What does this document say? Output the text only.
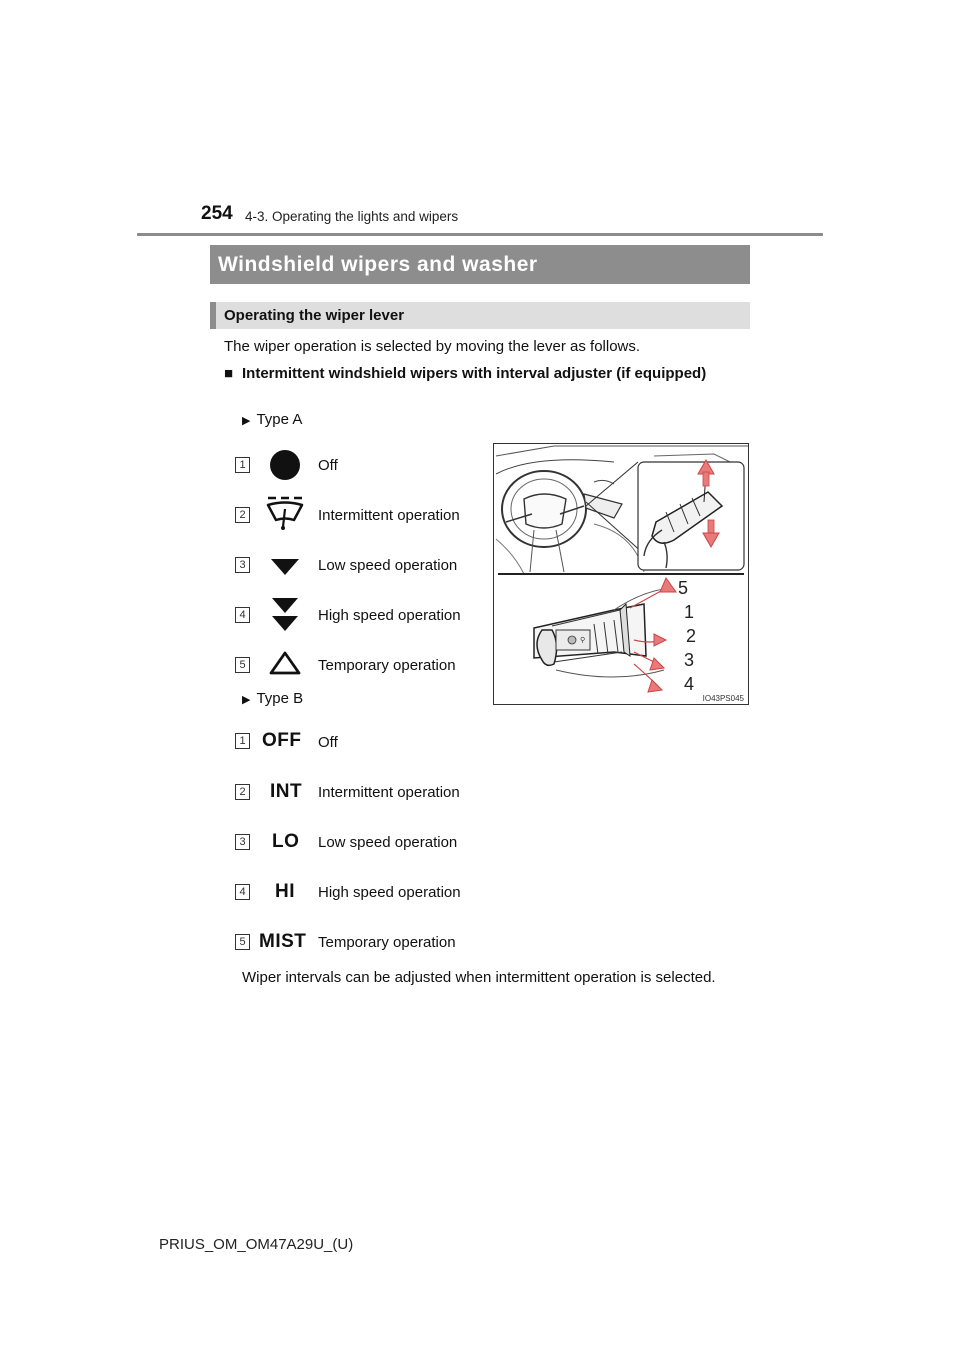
254 4-3. Operating the lights and wipers
Windshield wipers and washer
Operating the wiper lever
The wiper operation is selected by moving the lever as follows.
■ Intermittent windshield wipers with interval adjuster (if equipped)
▶ Type A
1	Off
2	Intermittent operation
3	Low speed operation
4	High speed operation
5	Temporary operation
⚲
5
1
2
3
4
IO43PS045
▶ Type B
1 OFF Off
2 INT Intermittent operation
3 LO Low speed operation
4 HI High speed operation
5 MIST Temporary operation
Wiper intervals can be adjusted when intermittent operation is selected.
PRIUS_OM_OM47A29U_(U)
